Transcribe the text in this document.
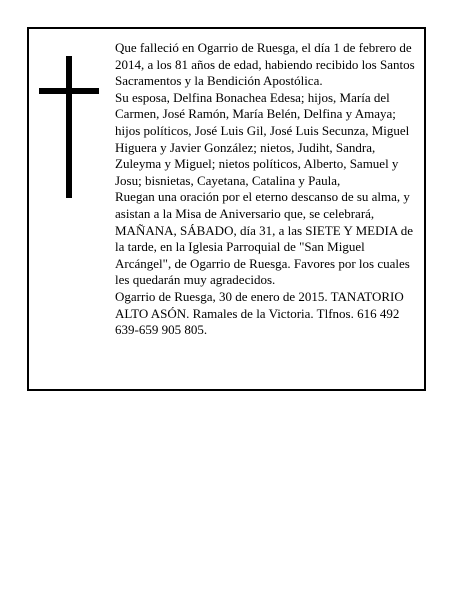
Que falleció en Ogarrio de Ruesga, el día 1 de febrero de 2014, a los 81 años de edad, habiendo recibido los Santos Sacramentos y la Bendición Apostólica.

Su esposa, Delfina Bonachea Edesa; hijos, María del Carmen, José Ramón, María Belén, Delfina y Amaya; hijos políticos, José Luis Gil, José Luis Secunza, Miguel Higuera y Javier González; nietos, Judiht, Sandra, Zuleyma y Miguel; nietos políticos, Alberto, Samuel y Josu; bisnietas, Cayetana, Catalina y Paula,

Ruegan una oración por el eterno descanso de su alma, y asistan a la Misa de Aniversario que, se celebrará, MAÑANA, SÁBADO, día 31, a las SIETE Y MEDIA de la tarde, en la Iglesia Parroquial de "San Miguel Arcángel", de Ogarrio de Ruesga. Favores por los cuales les quedarán muy agradecidos.

Ogarrio de Ruesga, 30 de enero de 2015. TANATORIO ALTO ASÓN. Ramales de la Victoria. Tlfnos. 616 492 639-659 905 805.
